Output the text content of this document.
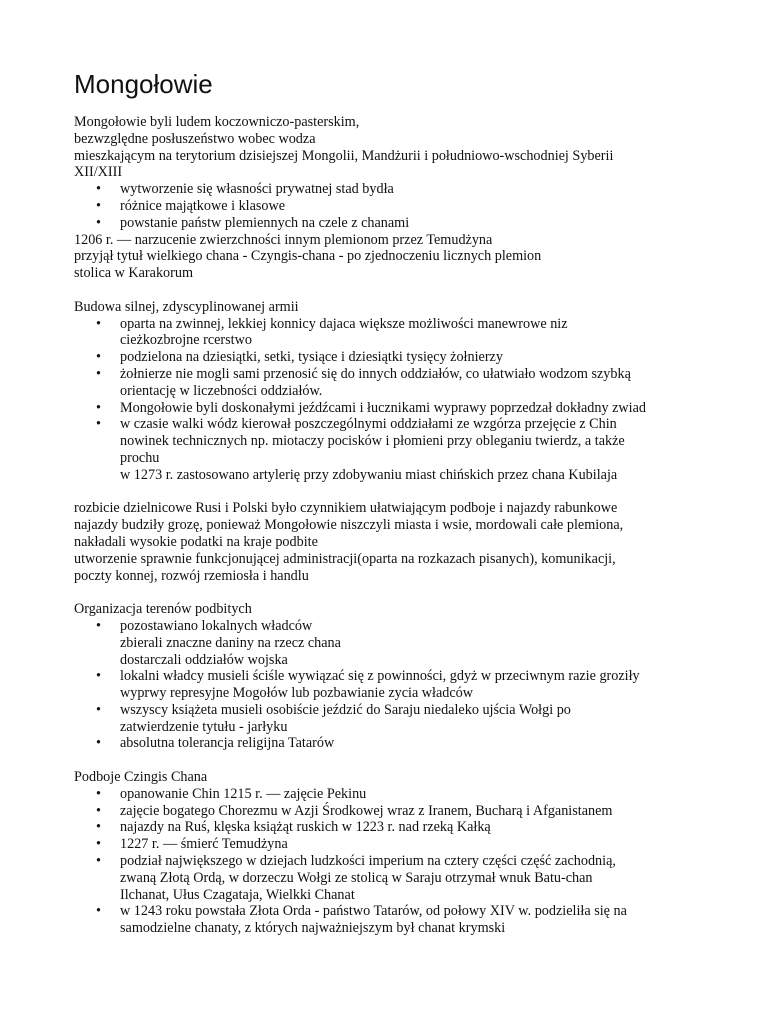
Mongołowie

Mongołowie byli ludem koczowniczo-pasterskim,

bezwzględne posłuszeństwo wobec wodza

mieszkającym na terytorium dzisiejszej Mongolii, Mandżurii i południowo-wschodniej Syberii

XII/XIII

• wytworzenie się własności prywatnej stad bydła
• różnice majątkowe i klasowe
• powstanie państw plemiennych na czele z chanami

1206 r. — narzucenie zwierzchności innym plemionom przez Temudżyna

przyjął tytuł wielkiego chana - Czyngis-chana - po zjednoczeniu licznych plemion

stolica w Karakorum

Budowa silnej, zdyscyplinowanej armii

• oparta na zwinnej, lekkiej konnicy dajaca większe możliwości manewrowe niz
cieżkozbrojne rcerstwo
• podzielona na dziesiątki, setki, tysiące i dziesiątki tysięcy żołnierzy
• żołnierze nie mogli sami przenosić się do innych oddziałów, co ułatwiało wodzom szybką
orientację w liczebności oddziałów.
• Mongołowie byli doskonałymi jeźdźcami i łucznikami wyprawy poprzedzał dokładny zwiad
• w czasie walki wódz kierował poszczególnymi oddziałami ze wzgórza przejęcie z Chin
nowinek technicznych np. miotaczy pocisków i płomieni przy obleganiu twierdz, a także
prochu
w 1273 r. zastosowano artylerię przy zdobywaniu miast chińskich przez chana Kubilaja

rozbicie dzielnicowe Rusi i Polski było czynnikiem ułatwiającym podboje i najazdy rabunkowe

najazdy budziły grozę, ponieważ Mongołowie niszczyli miasta i wsie, mordowali całe plemiona,

nakładali wysokie podatki na kraje podbite

utworzenie sprawnie funkcjonującej administracji(oparta na rozkazach pisanych), komunikacji,

poczty konnej, rozwój rzemiosła i handlu

Organizacja terenów podbitych

• pozostawiano lokalnych władców
zbierali znaczne daniny na rzecz chana
dostarczali oddziałów wojska
• lokalni władcy musieli ściśle wywiązać się z powinności, gdyż w przeciwnym razie groziły
wyprwy represyjne Mogołów lub pozbawianie zycia władców
• wszyscy książeta musieli osobiście jeździć do Saraju niedaleko ujścia Wołgi po
zatwierdzenie tytułu - jarłyku
• absolutna tolerancja religijna Tatarów

Podboje Czingis Chana

• opanowanie Chin 1215 r. — zajęcie Pekinu
• zajęcie bogatego Chorezmu w Azji Środkowej wraz z Iranem, Bucharą i Afganistanem
• najazdy na Ruś, klęska książąt ruskich w 1223 r. nad rzeką Kałką
• 1227 r. — śmierć Temudżyna
• podział największego w dziejach ludzkości imperium na cztery części część zachodnią,
zwaną Złotą Ordą, w dorzeczu Wołgi ze stolicą w Saraju otrzymał wnuk Batu-chan
Ilchanat, Ułus Czagataja, Wielkki Chanat
• w 1243 roku powstała Złota Orda - państwo Tatarów, od połowy XIV w. podzieliła się na
samodzielne chanaty, z których najważniejszym był chanat krymski
